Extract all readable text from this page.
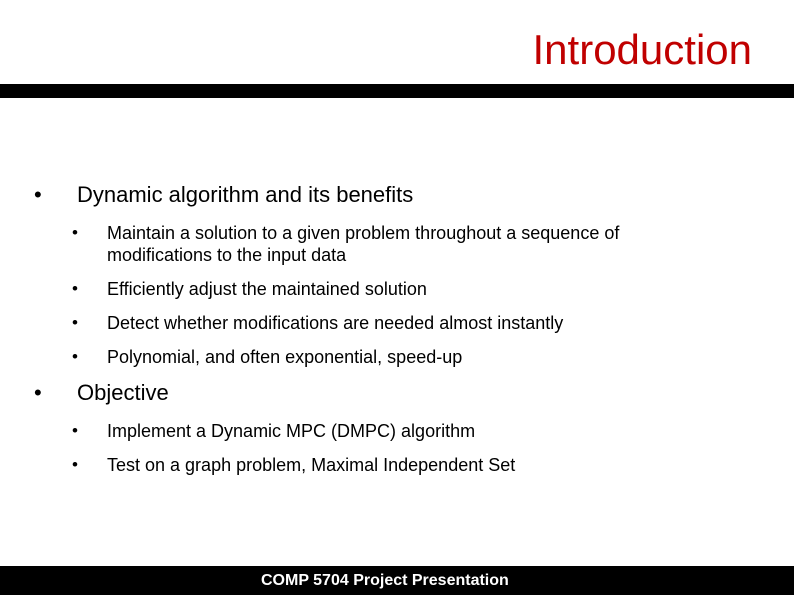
Introduction
• Dynamic algorithm and its benefits
• Maintain a solution to a given problem throughout a sequence of modifications to the input data
• Efficiently adjust the maintained solution
• Detect whether modifications are needed almost instantly
• Polynomial, and often exponential, speed-up
• Objective
• Implement a Dynamic MPC (DMPC) algorithm
• Test on a graph problem, Maximal Independent Set
COMP 5704 Project Presentation
